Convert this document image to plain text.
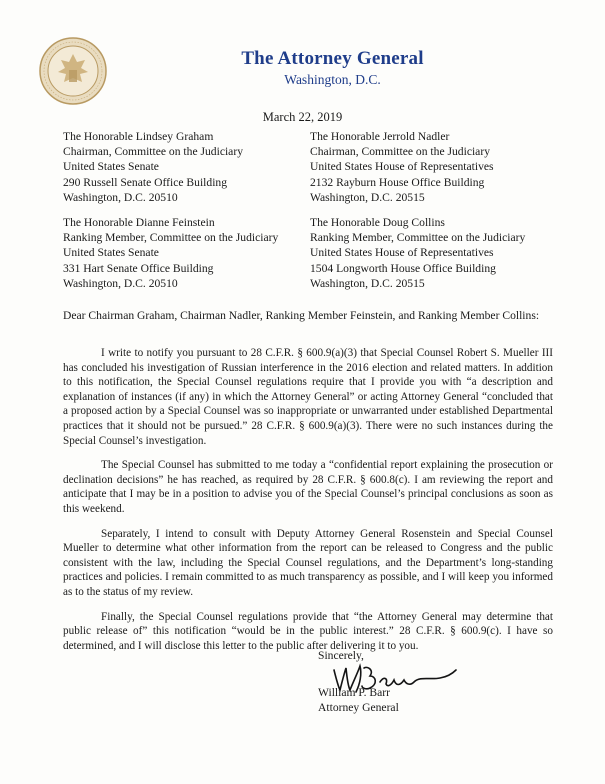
The Attorney General
Washington, D.C.
March 22, 2019
The Honorable Lindsey Graham
Chairman, Committee on the Judiciary
United States Senate
290 Russell Senate Office Building
Washington, D.C. 20510
The Honorable Jerrold Nadler
Chairman, Committee on the Judiciary
United States House of Representatives
2132 Rayburn House Office Building
Washington, D.C. 20515
The Honorable Dianne Feinstein
Ranking Member, Committee on the Judiciary
United States Senate
331 Hart Senate Office Building
Washington, D.C. 20510
The Honorable Doug Collins
Ranking Member, Committee on the Judiciary
United States House of Representatives
1504 Longworth House Office Building
Washington, D.C. 20515
Dear Chairman Graham, Chairman Nadler, Ranking Member Feinstein, and Ranking Member Collins:

I write to notify you pursuant to 28 C.F.R. § 600.9(a)(3) that Special Counsel Robert S. Mueller III has concluded his investigation of Russian interference in the 2016 election and related matters. In addition to this notification, the Special Counsel regulations require that I provide you with “a description and explanation of instances (if any) in which the Attorney General” or acting Attorney General “concluded that a proposed action by a Special Counsel was so inappropriate or unwarranted under established Departmental practices that it should not be pursued.” 28 C.F.R. § 600.9(a)(3). There were no such instances during the Special Counsel’s investigation.

The Special Counsel has submitted to me today a “confidential report explaining the prosecution or declination decisions” he has reached, as required by 28 C.F.R. § 600.8(c). I am reviewing the report and anticipate that I may be in a position to advise you of the Special Counsel’s principal conclusions as soon as this weekend.

Separately, I intend to consult with Deputy Attorney General Rosenstein and Special Counsel Mueller to determine what other information from the report can be released to Congress and the public consistent with the law, including the Special Counsel regulations, and the Department’s long-standing practices and policies. I remain committed to as much transparency as possible, and I will keep you informed as to the status of my review.

Finally, the Special Counsel regulations provide that “the Attorney General may determine that public release of” this notification “would be in the public interest.” 28 C.F.R. § 600.9(c). I have so determined, and I will disclose this letter to the public after delivering it to you.

Sincerely,
William P. Barr
Attorney General
